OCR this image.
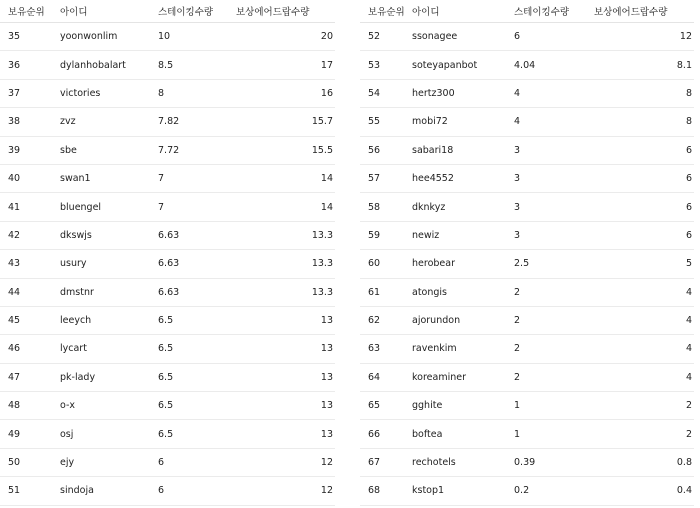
보유순위	아이디	스테이킹수량	보상에어드랍수량
35	yoonwonlim	10	20
36	dylanhobalart	8.5	17
37	victories	8	16
38	zvz	7.82	15.7
39	sbe	7.72	15.5
40	swan1	7	14
41	bluengel	7	14
42	dkswjs	6.63	13.3
43	usury	6.63	13.3
44	dmstnr	6.63	13.3
45	leeych	6.5	13
46	lycart	6.5	13
47	pk-lady	6.5	13
48	o-x	6.5	13
49	osj	6.5	13
50	ejy	6	12
51	sindoja	6	12
보유순위	아이디	스테이킹수량	보상에어드랍수량
52	ssonagee	6	12
53	soteyapanbot	4.04	8.1
54	hertz300	4	8
55	mobi72	4	8
56	sabari18	3	6
57	hee4552	3	6
58	dknkyz	3	6
59	newiz	3	6
60	herobear	2.5	5
61	atongis	2	4
62	ajorundon	2	4
63	ravenkim	2	4
64	koreaminer	2	4
65	gghite	1	2
66	boftea	1	2
67	rechotels	0.39	0.8
68	kstop1	0.2	0.4
